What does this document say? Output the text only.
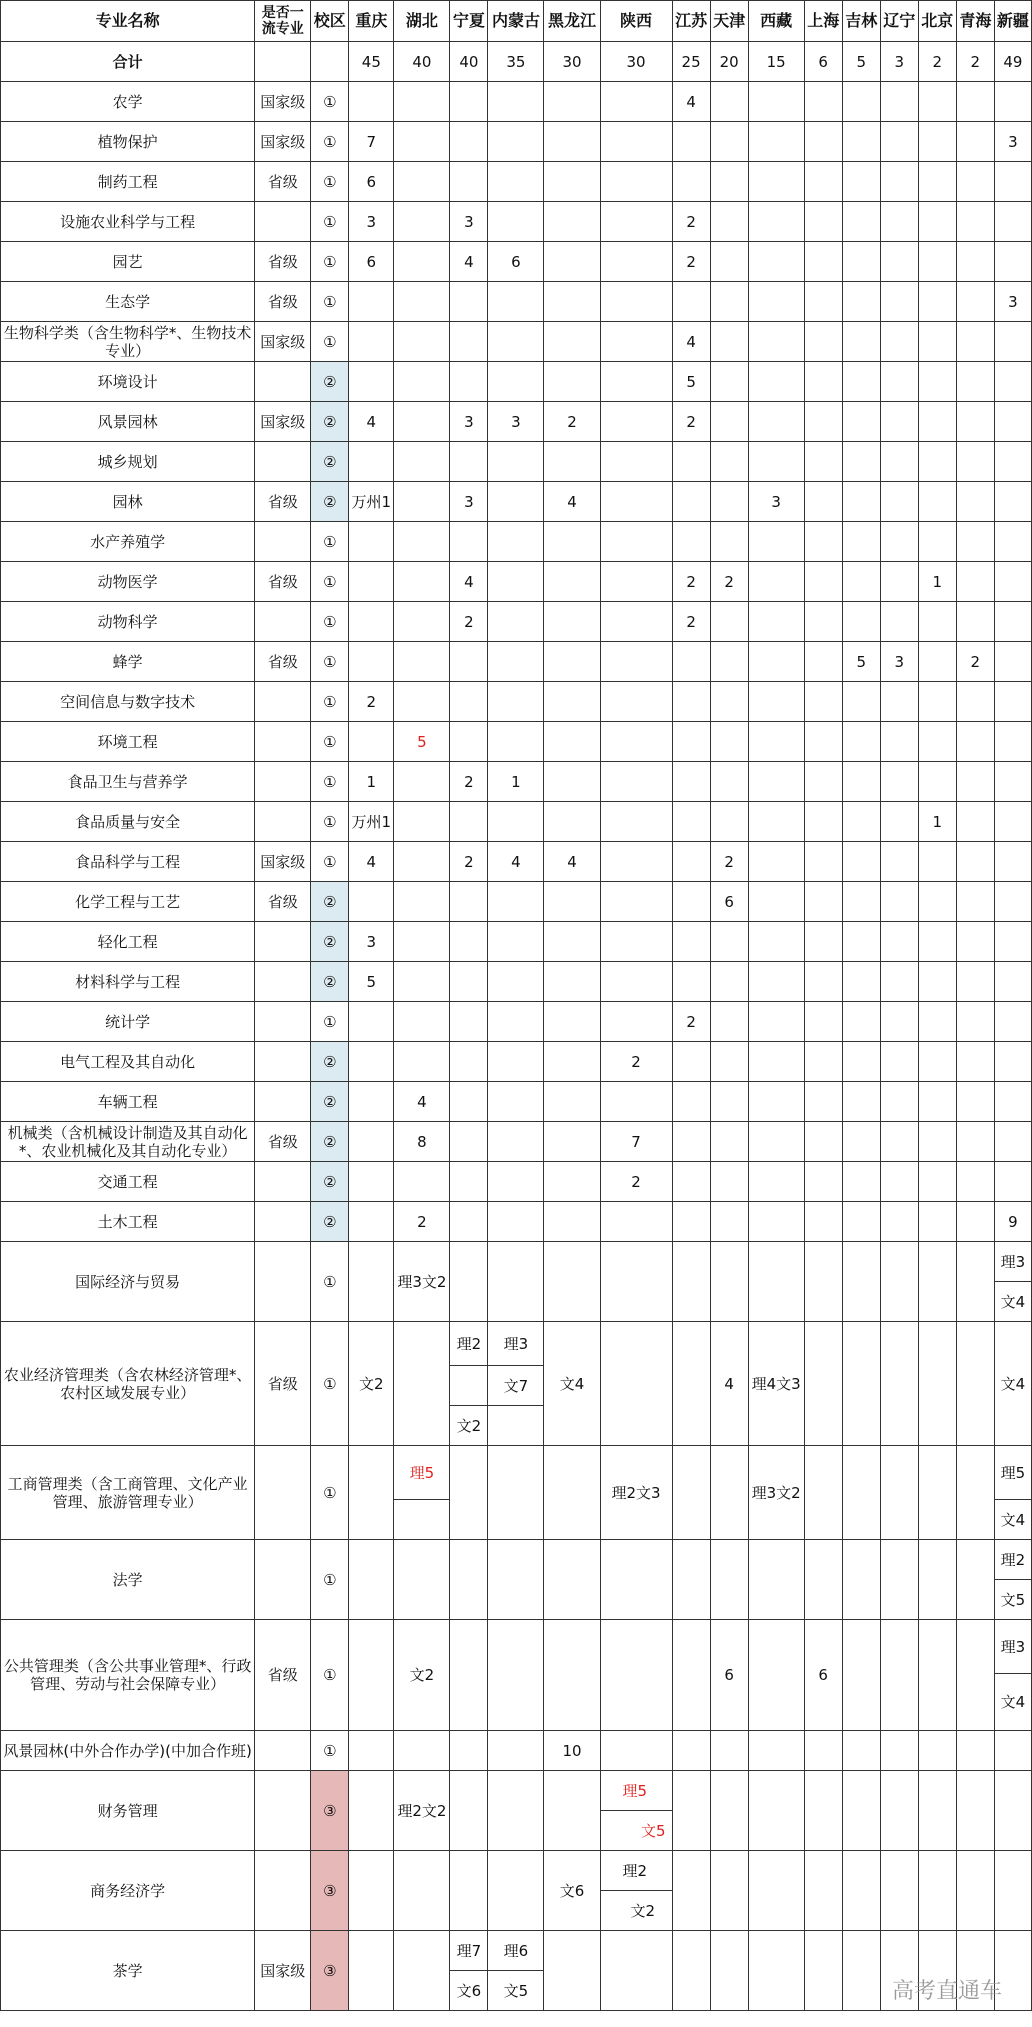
专业名称	是否一流专业	校区	重庆	湖北	宁夏	内蒙古	黑龙江	陕西	江苏	天津	西藏	上海	吉林	辽宁	北京	青海	新疆
合计			45	40	40	35	30	30	25	20	15	6	5	3	2	2	49
农学	国家级	①							4								
植物保护	国家级	①	7														3
制药工程	省级	①	6														
设施农业科学与工程		①	3		3				2								
园艺	省级	①	6		4	6			2								
生态学	省级	①															3
生物科学类（含生物科学*、生物技术专业）	国家级	①							4								
环境设计		②							5								
风景园林	国家级	②	4		3	3	2		2								
城乡规划		②															
园林	省级	②	万州1		3		4				3						
水产养殖学		①															
动物医学	省级	①			4				2	2					1		
动物科学		①			2				2								
蜂学	省级	①											5	3		2	
空间信息与数字技术		①	2														
环境工程		①		5													
食品卫生与营养学		①	1		2	1											
食品质量与安全		①	万州1												1		
食品科学与工程	国家级	①	4		2	4	4			2							
化学工程与工艺	省级	②								6							
轻化工程		②	3														
材料科学与工程		②	5														
统计学		①							2								
电气工程及其自动化		②						2									
车辆工程		②		4													
机械类（含机械设计制造及其自动化*、农业机械化及其自动化专业）	省级	②		8				7									
交通工程		②						2									
土木工程		②		2													9
国际经济与贸易		①		理3文2													理3
																	文4
农业经济管理类（含农林经济管理*、农村区域发展专业）	省级	①	文2		理2	理3	文4			4	理4文3						文4
						文7											
					文2												
工商管理类（含工商管理、文化产业管理、旅游管理专业）		①		理5				理2文3			理3文2						理5
																	文4
法学		①															理2
																	文5
公共管理类（含公共事业管理*、行政管理、劳动与社会保障专业）	省级	①		文2						6		6					理3
																	文4
风景园林(中外合作办学)(中加合作班)		①					10										
财务管理		③		理2文2				理5									
								文5									
商务经济学		③					文6	理2									
								文2									
茶学	国家级	③			理7	理6											
					文6	文5												高考直通车
